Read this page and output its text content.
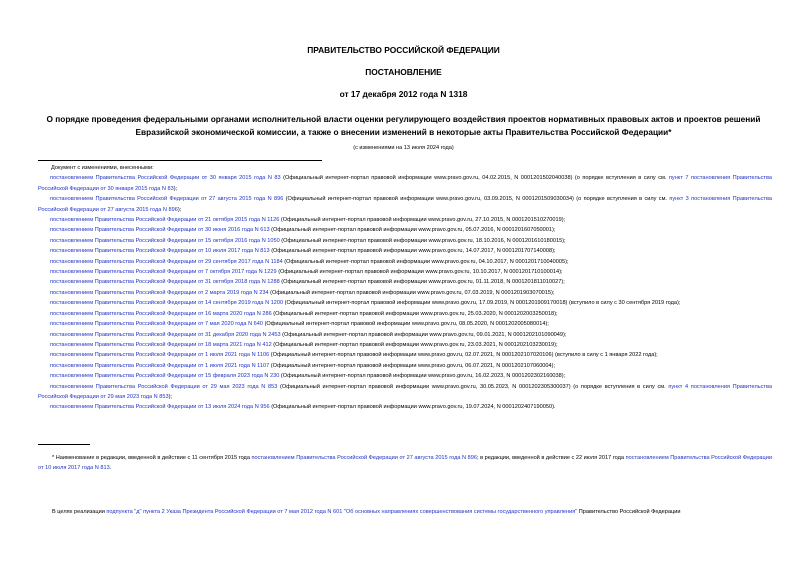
ПРАВИТЕЛЬСТВО РОССИЙСКОЙ ФЕДЕРАЦИИ
ПОСТАНОВЛЕНИЕ
от 17 декабря 2012 года N 1318
О порядке проведения федеральными органами исполнительной власти оценки регулирующего воздействия проектов нормативных правовых актов и проектов решений Евразийской экономической комиссии, а также о внесении изменений в некоторые акты Правительства Российской Федерации*
(с изменениями на 13 июля 2024 года)

Документ с изменениями, внесенными:

постановлением Правительства Российской Федерации от 30 января 2015 года N 83 (Официальный интернет-портал правовой информации www.pravo.gov.ru, 04.02.2015, N 0001201502040038) (о порядке вступления в силу см. пункт 7 постановления Правительства Российской Федерации от 30 января 2015 года N 83);

постановлением Правительства Российской Федерации от 27 августа 2015 года N 896 (Официальный интернет-портал правовой информации www.pravo.gov.ru, 03.09.2015, N 0001201509030034) (о порядке вступления в силу см. пункт 3 постановления Правительства Российской Федерации от 27 августа 2015 года N 896);

постановлением Правительства Российской Федерации от 21 октября 2015 года N 1126 (Официальный интернет-портал правовой информации www.pravo.gov.ru, 27.10.2015, N 0001201510270019);

постановлением Правительства Российской Федерации от 30 июня 2016 года N 613 (Официальный интернет-портал правовой информации www.pravo.gov.ru, 05.07.2016, N 0001201607050001);

постановлением Правительства Российской Федерации от 15 октября 2016 года N 1050 (Официальный интернет-портал правовой информации www.pravo.gov.ru, 18.10.2016, N 0001201610180015);

постановлением Правительства Российской Федерации от 10 июля 2017 года N 813 (Официальный интернет-портал правовой информации www.pravo.gov.ru, 14.07.2017, N 0001201707140008);

постановлением Правительства Российской Федерации от 29 сентября 2017 года N 1184 (Официальный интернет-портал правовой информации www.pravo.gov.ru, 04.10.2017, N 0001201710040005);

постановлением Правительства Российской Федерации от 7 октября 2017 года N 1229 (Официальный интернет-портал правовой информации www.pravo.gov.ru, 10.10.2017, N 0001201710100014);

постановлением Правительства Российской Федерации от 31 октября 2018 года N 1288 (Официальный интернет-портал правовой информации www.pravo.gov.ru, 01.11.2018, N 0001201811010027);

постановлением Правительства Российской Федерации от 2 марта 2019 года N 234 (Официальный интернет-портал правовой информации www.pravo.gov.ru, 07.03.2019, N 0001201903070015);

постановлением Правительства Российской Федерации от 14 сентября 2019 года N 1200 (Официальный интернет-портал правовой информации www.pravo.gov.ru, 17.09.2019, N 0001201909170018) (вступило в силу с 30 сентября 2019 года);

постановлением Правительства Российской Федерации от 16 марта 2020 года N 286 (Официальный интернет-портал правовой информации www.pravo.gov.ru, 25.03.2020, N 0001202003250018);

постановлением Правительства Российской Федерации от 7 мая 2020 года N 640 (Официальный интернет-портал правовой информации www.pravo.gov.ru, 08.05.2020, N 0001202005080014);

постановлением Правительства Российской Федерации от 31 декабря 2020 года N 2453 (Официальный интернет-портал правовой информации www.pravo.gov.ru, 09.01.2021, N 0001202101090049);

постановлением Правительства Российской Федерации от 18 марта 2021 года N 412 (Официальный интернет-портал правовой информации www.pravo.gov.ru, 23.03.2021, N 0001202103230019);

постановлением Правительства Российской Федерации от 1 июля 2021 года N 1106 (Официальный интернет-портал правовой информации www.pravo.gov.ru, 02.07.2021, N 0001202107020106) (вступило в силу с 1 января 2022 года);

постановлением Правительства Российской Федерации от 1 июля 2021 года N 1107 (Официальный интернет-портал правовой информации www.pravo.gov.ru, 06.07.2021, N 0001202107060004);

постановлением Правительства Российской Федерации от 15 февраля 2023 года N 230 (Официальный интернет-портал правовой информации www.pravo.gov.ru, 16.02.2023, N 0001202302160038);

постановлением Правительства Российской Федерации от 29 мая 2023 года N 853 (Официальный интернет-портал правовой информации www.pravo.gov.ru, 30.05.2023, N 0001202305300037) (о порядке вступления в силу см. пункт 4 постановления Правительства Российской Федерации от 29 мая 2023 года N 853);

постановлением Правительства Российской Федерации от 13 июля 2024 года N 956 (Официальный интернет-портал правовой информации www.pravo.gov.ru, 19.07.2024, N 0001202407190050).

* Наименование в редакции, введенной в действие с 11 сентября 2015 года постановлением Правительства Российской Федерации от 27 августа 2015 года N 896; в редакции, введенной в действие с 22 июля 2017 года постановлением Правительства Российской Федерации от 10 июля 2017 года N 813.
В целях реализации подпункта "д" пункта 2 Указа Президента Российской Федерации от 7 мая 2012 года N 601 "Об основных направлениях совершенствования системы государственного управления" Правительство Российской Федерации
